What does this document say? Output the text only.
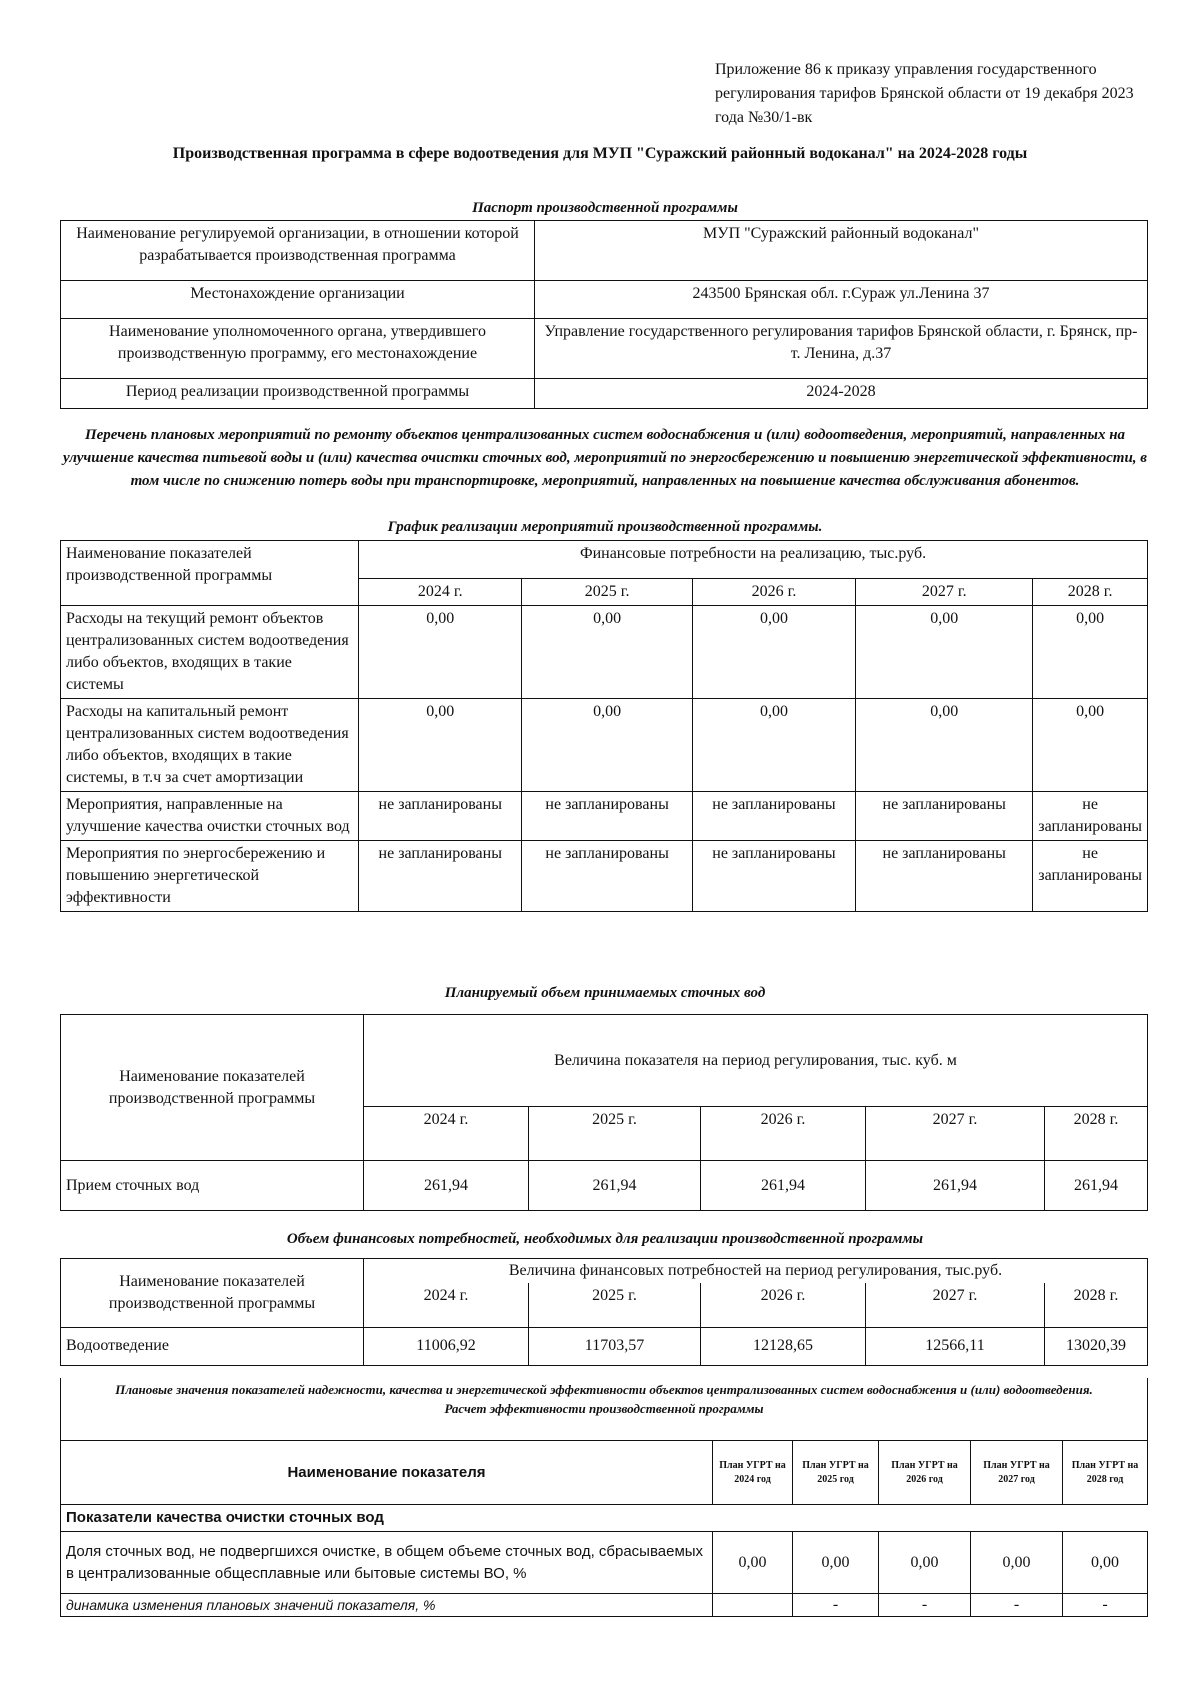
Приложение 86 к приказу управления государственного регулирования тарифов Брянской области от 19 декабря 2023 года №30/1-вк
Производственная программа в сфере водоотведения для МУП "Суражский районный водоканал" на 2024-2028 годы
Паспорт производственной программы
Наименование регулируемой организации, в отношении которой разрабатывается производственная программа	МУП "Суражский районный водоканал"
Местонахождение организации	243500 Брянская обл. г.Сураж ул.Ленина 37
Наименование уполномоченного органа, утвердившего производственную программу, его местонахождение	Управление государственного регулирования тарифов Брянской области, г. Брянск, пр-т. Ленина, д.37
Период реализации производственной программы	2024-2028
Перечень плановых мероприятий по ремонту объектов централизованных систем водоснабжения и (или) водоотведения, мероприятий, направленных на улучшение качества питьевой воды и (или) качества очистки сточных вод, мероприятий по энергосбережению и повышению энергетической эффективности, в том числе по снижению потерь воды при транспортировке, мероприятий, направленных на повышение качества обслуживания абонентов.
График реализации мероприятий производственной программы.
Наименование показателей производственной программы	Финансовые потребности на реализацию, тыс.руб.				
	2024 г.	2025 г.	2026 г.	2027 г.	2028 г.
Расходы на текущий ремонт объектов централизованных систем водоотведения либо объектов, входящих в такие системы	0,00	0,00	0,00	0,00	0,00
Расходы на капитальный ремонт централизованных систем водоотведения либо объектов, входящих в такие системы, в т.ч за счет амортизации	0,00	0,00	0,00	0,00	0,00
Мероприятия, направленные на улучшение качества очистки сточных вод	не запланированы	не запланированы	не запланированы	не запланированы	не запланированы
Мероприятия по энергосбережению и повышению энергетической эффективности	не запланированы	не запланированы	не запланированы	не запланированы	не запланированы
Планируемый объем принимаемых сточных вод
Наименование показателей производственной программы	Величина показателя на период регулирования, тыс. куб. м				
	2024 г.	2025 г.	2026 г.	2027 г.	2028 г.
Прием сточных вод	261,94	261,94	261,94	261,94	261,94
Объем финансовых потребностей, необходимых для реализации производственной программы
Наименование показателей производственной программы	Величина финансовых потребностей на период регулирования, тыс.руб.				
	2024 г.	2025 г.	2026 г.	2027 г.	2028 г.
Водоотведение	11006,92	11703,57	12128,65	12566,11	13020,39
Плановые значения показателей надежности, качества и энергетической эффективности объектов централизованных систем водоснабжения и (или) водоотведения.
Расчет эффективности производственной программы
Наименование показателя	План УГРТ на 2024 год	План УГРТ на 2025 год	План УГРТ на 2026 год	План УГРТ на 2027 год	План УГРТ на 2028 год
Показатели качества очистки сточных вод					
Доля сточных вод, не подвергшихся очистке, в общем объеме сточных вод, сбрасываемых в централизованные общесплавные или бытовые системы ВО, %	0,00	0,00	0,00	0,00	0,00
динамика изменения плановых значений показателя, %		-	-	-	-
